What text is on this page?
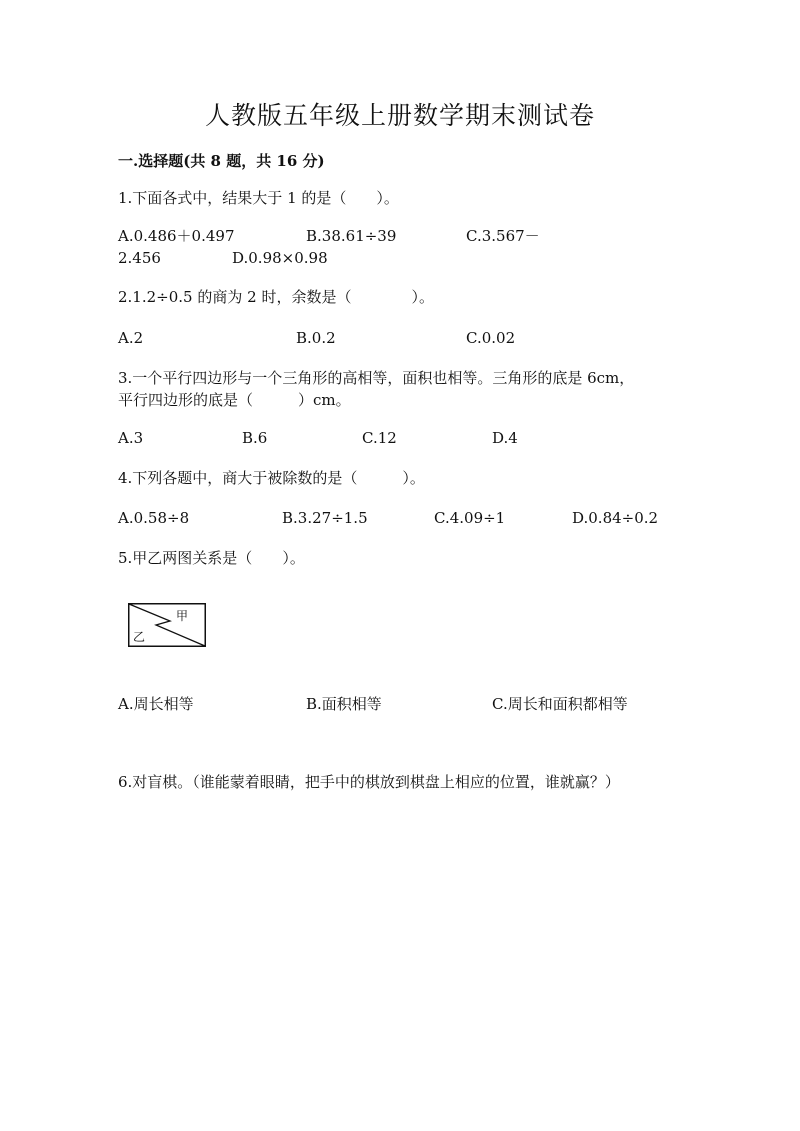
人教版五年级上册数学期末测试卷
一.选择题(共 8 题，共 16 分)
1.下面各式中，结果大于 1 的是（　　）。
A.0.486＋0.497	B.38.61÷39	C.3.567－
2.456	D.0.98×0.98
2.1.2÷0.5 的商为 2 时，余数是（　　　　）。
A.2	B.0.2	C.0.02
3.一个平行四边形与一个三角形的高相等，面积也相等。三角形的底是 6cm，
平行四边形的底是（　　　）cm。
A.3	B.6	C.12	D.4
4.下列各题中，商大于被除数的是（　　　）。
A.0.58÷8	B.3.27÷1.5	C.4.09÷1	D.0.84÷0.2
5.甲乙两图关系是（　　）。
甲
乙
A.周长相等	B.面积相等	C.周长和面积都相等
6.对盲棋。（谁能蒙着眼睛，把手中的棋放到棋盘上相应的位置，谁就赢？）
